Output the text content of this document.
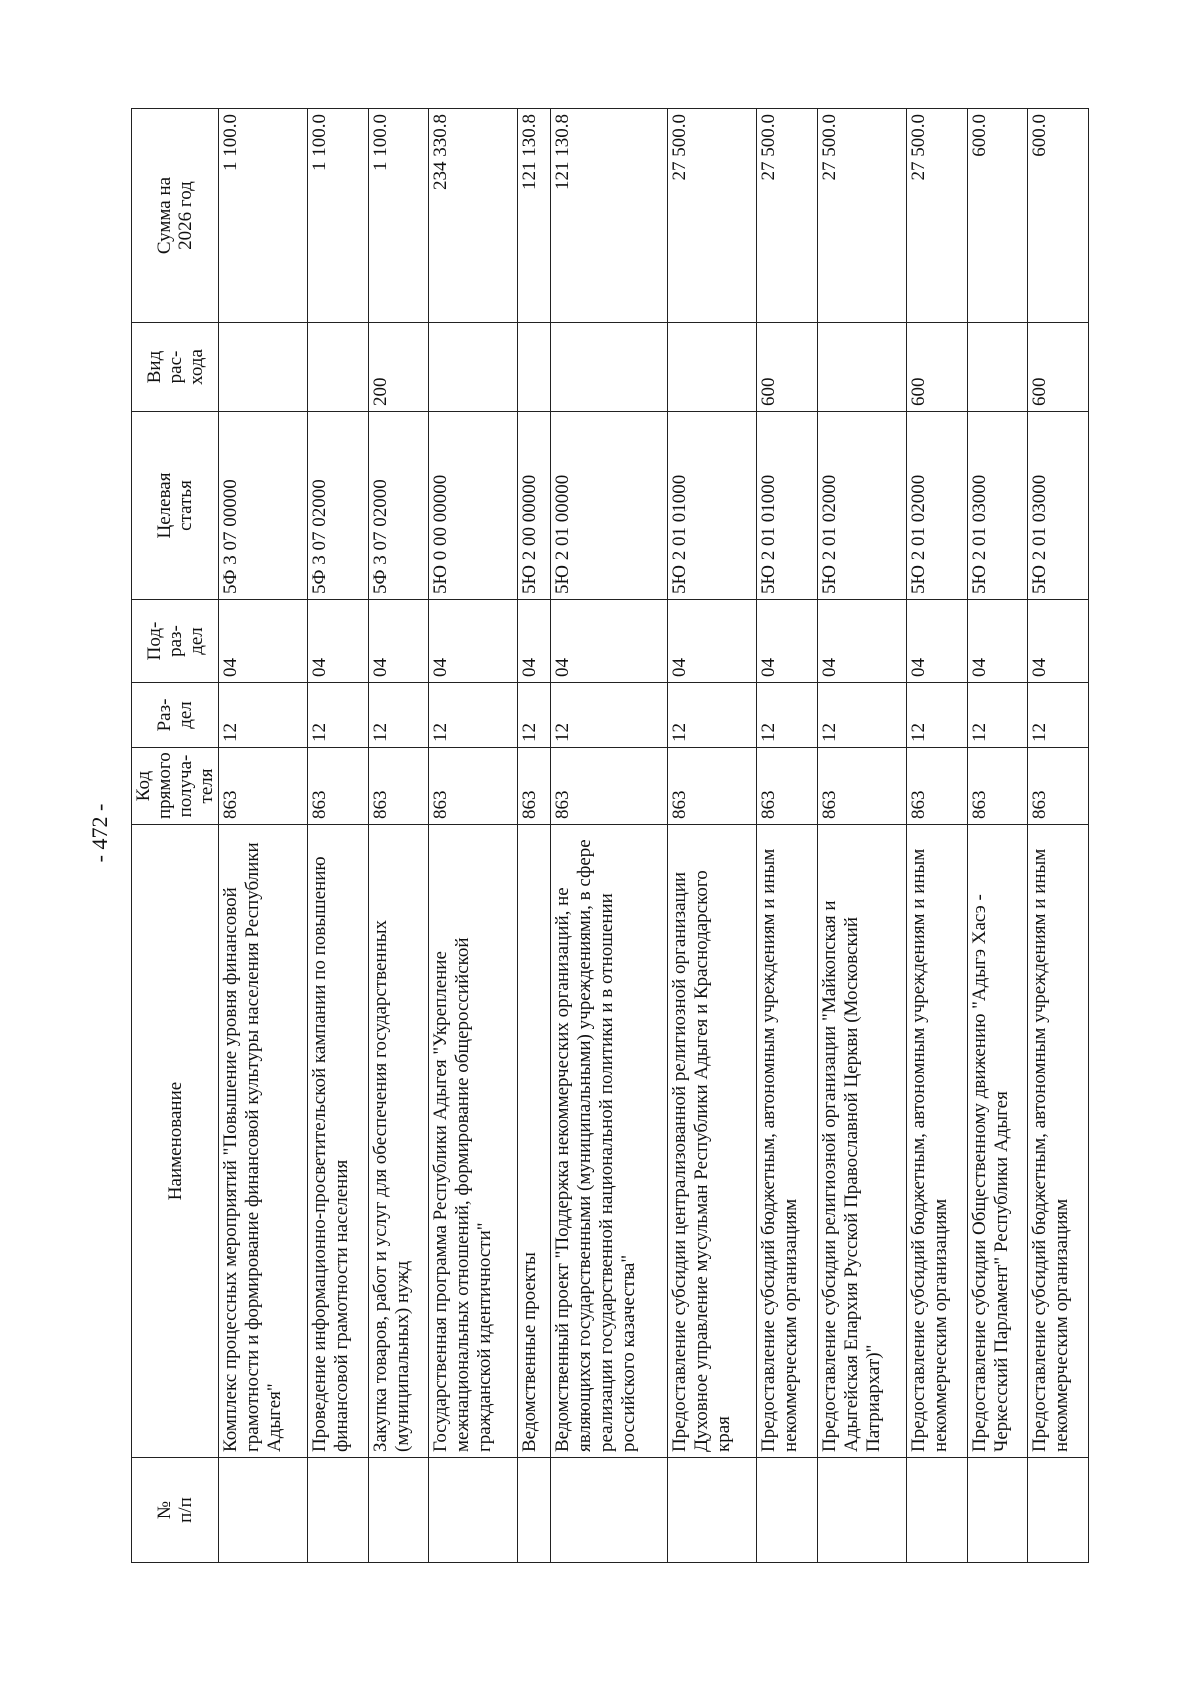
- 472 -
№
п/п	Наименование	Код
прямого
получа-
теля	Раз-
дел	Под-
раз-
дел	Целевая
статья	Вид
рас-
хода	Сумма на
2026 год
	Комплекс процессных мероприятий "Повышение уровня финансовой грамотности и формирование финансовой культуры населения Республики Адыгея"	863	12	04	5Ф 3 07 00000		1 100.0
	Проведение информационно-просветительской кампании по повышению финансовой грамотности населения	863	12	04	5Ф 3 07 02000		1 100.0
	Закупка товаров, работ и услуг для обеспечения государственных (муниципальных) нужд	863	12	04	5Ф 3 07 02000	200	1 100.0
	Государственная программа Республики Адыгея "Укрепление межнациональных отношений, формирование общероссийской гражданской идентичности"	863	12	04	5Ю 0 00 00000		234 330.8
	Ведомственные проекты	863	12	04	5Ю 2 00 00000		121 130.8
	Ведомственный проект "Поддержка некоммерческих организаций, не являющихся государственными (муниципальными) учреждениями, в сфере реализации государственной национальной политики и в отношении российского казачества"	863	12	04	5Ю 2 01 00000		121 130.8
	Предоставление субсидии централизованной религиозной организации Духовное управление мусульман Республики Адыгея и Краснодарского края	863	12	04	5Ю 2 01 01000		27 500.0
	Предоставление субсидий бюджетным, автономным учреждениям и иным некоммерческим организациям	863	12	04	5Ю 2 01 01000	600	27 500.0
	Предоставление субсидии религиозной организации "Майкопская и Адыгейская Епархия Русской Православной Церкви (Московский Патриархат)"	863	12	04	5Ю 2 01 02000		27 500.0
	Предоставление субсидий бюджетным, автономным учреждениям и иным некоммерческим организациям	863	12	04	5Ю 2 01 02000	600	27 500.0
	Предоставление субсидии Общественному движению "Адыгэ Хасэ - Черкесский Парламент" Республики Адыгея	863	12	04	5Ю 2 01 03000		600.0
	Предоставление субсидий бюджетным, автономным учреждениям и иным некоммерческим организациям	863	12	04	5Ю 2 01 03000	600	600.0
